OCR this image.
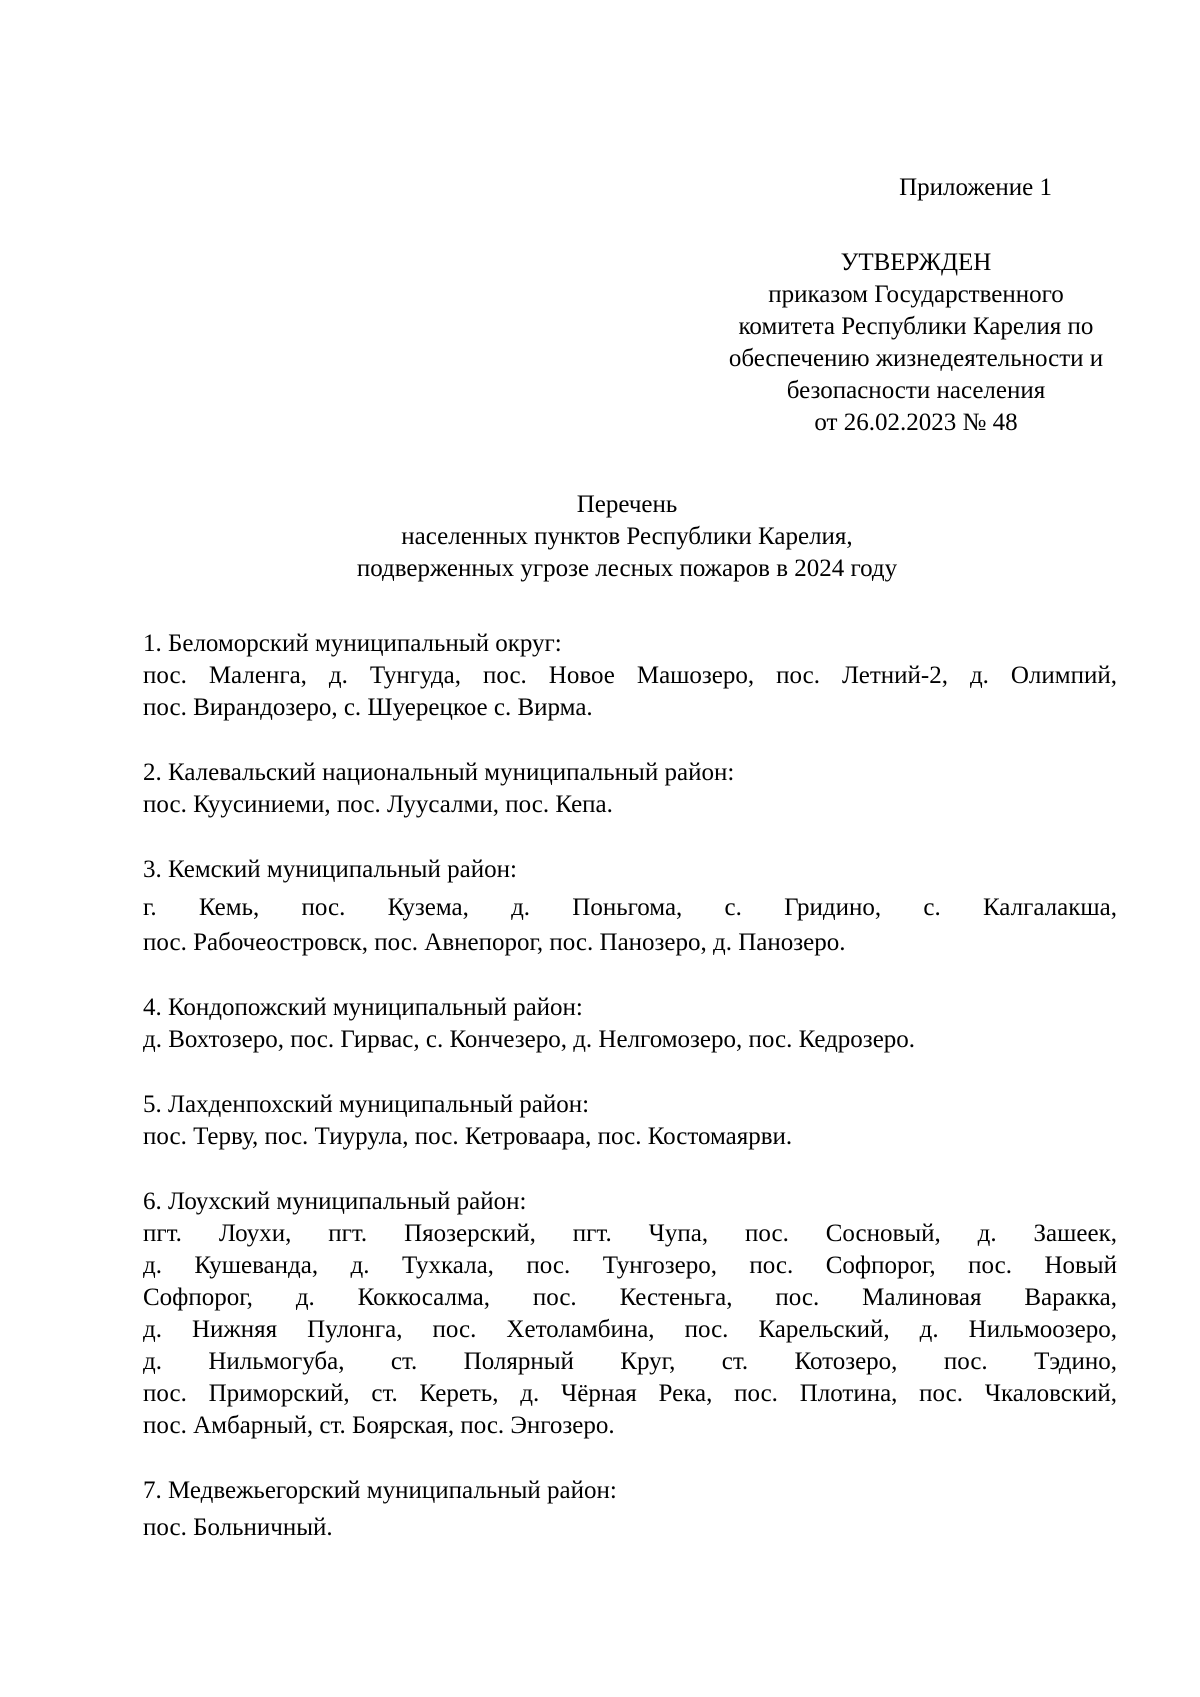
Приложение 1
УТВЕРЖДЕН
приказом Государственного
комитета Республики Карелия по
обеспечению жизнедеятельности и
безопасности населения
от 26.02.2023 № 48
Перечень
населенных пунктов Республики Карелия,
подверженных угрозе лесных пожаров в 2024 году
1. Беломорский муниципальный округ:
пос. Маленга, д. Тунгуда, пос. Новое Машозеро, пос. Летний-2, д. Олимпий,
пос. Вирандозеро, с. Шуерецкое с. Вирма.
2. Калевальский национальный муниципальный район:
пос. Куусиниеми, пос. Луусалми, пос. Кепа.
3. Кемский муниципальный район:
г. Кемь, пос. Кузема, д. Поньгома, с. Гридино, с. Калгалакша,
пос. Рабочеостровск, пос. Авнепорог, пос. Панозеро, д. Панозеро.
4. Кондопожский муниципальный район:
д. Вохтозеро, пос. Гирвас, с. Кончезеро, д. Нелгомозеро, пос. Кедрозеро.
5. Лахденпохский муниципальный район:
пос. Терву, пос. Тиурула, пос. Кетроваара, пос. Костомаярви.
6. Лоухский муниципальный район:
пгт. Лоухи, пгт. Пяозерский, пгт. Чупа, пос. Сосновый, д. Зашеек,
д. Кушеванда, д. Тухкала, пос. Тунгозеро, пос. Софпорог, пос. Новый
Софпорог, д. Коккосалма, пос. Кестеньга, пос. Малиновая Варакка,
д. Нижняя Пулонга, пос. Хетоламбина, пос. Карельский, д. Нильмоозеро,
д. Нильмогуба, ст. Полярный Круг, ст. Котозеро, пос. Тэдино,
пос. Приморский, ст. Кереть, д. Чёрная Река, пос. Плотина, пос. Чкаловский,
пос. Амбарный, ст. Боярская, пос. Энгозеро.
7. Медвежьегорский муниципальный район:
пос. Больничный.
